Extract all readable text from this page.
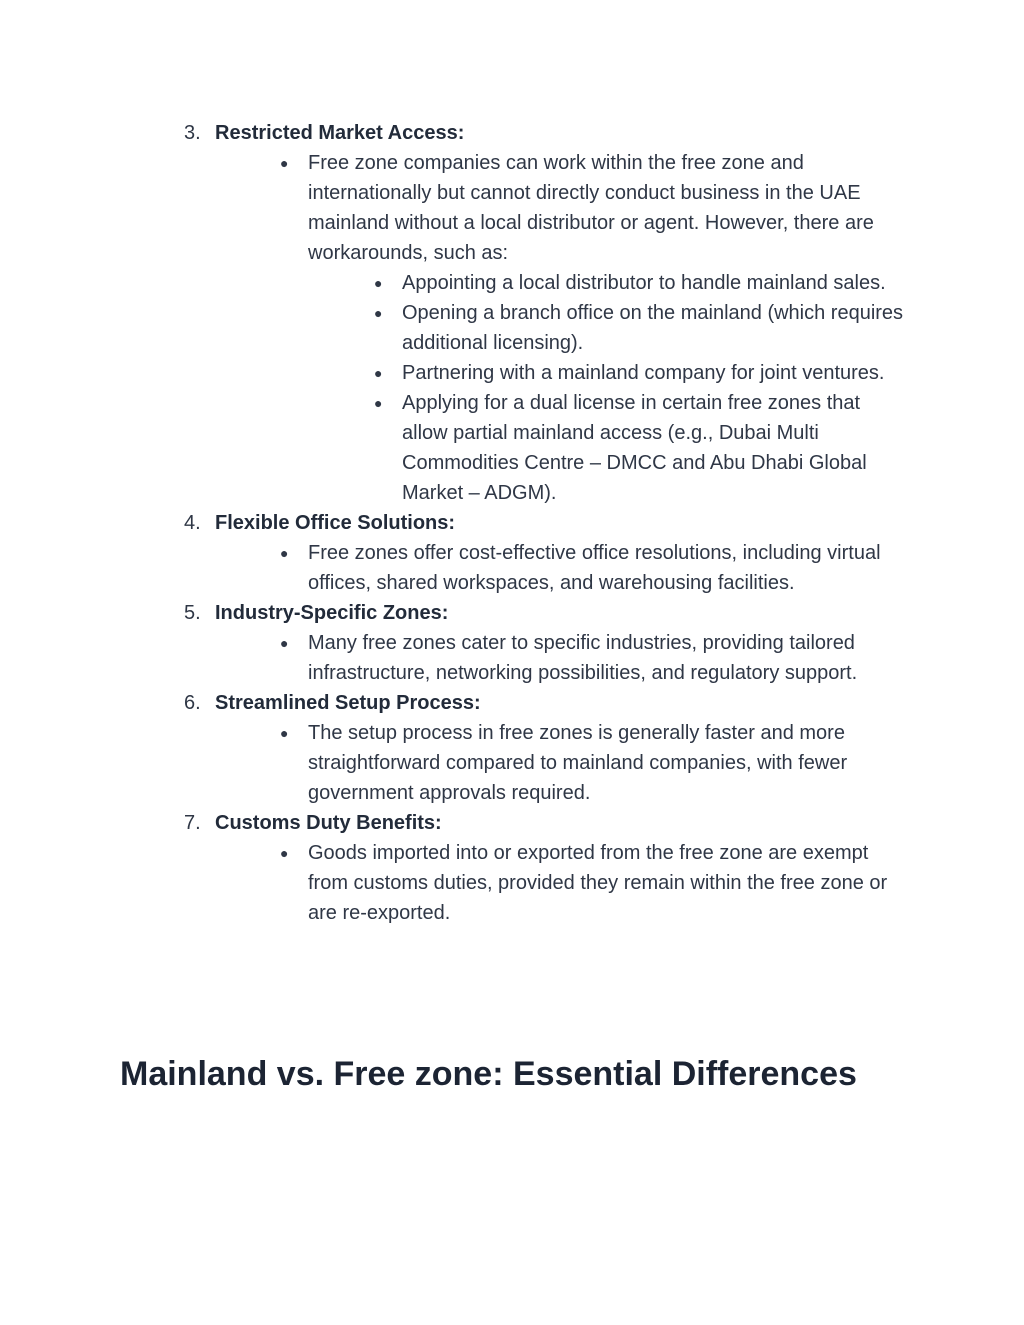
3. Restricted Market Access:
● Free zone companies can work within the free zone and internationally but cannot directly conduct business in the UAE mainland without a local distributor or agent. However, there are workarounds, such as:
● Appointing a local distributor to handle mainland sales.
● Opening a branch office on the mainland (which requires additional licensing).
● Partnering with a mainland company for joint ventures.
● Applying for a dual license in certain free zones that allow partial mainland access (e.g., Dubai Multi Commodities Centre – DMCC and Abu Dhabi Global Market – ADGM).
4. Flexible Office Solutions:
● Free zones offer cost-effective office resolutions, including virtual offices, shared workspaces, and warehousing facilities.
5. Industry-Specific Zones:
● Many free zones cater to specific industries, providing tailored infrastructure, networking possibilities, and regulatory support.
6. Streamlined Setup Process:
● The setup process in free zones is generally faster and more straightforward compared to mainland companies, with fewer government approvals required.
7. Customs Duty Benefits:
● Goods imported into or exported from the free zone are exempt from customs duties, provided they remain within the free zone or are re-exported.
Mainland vs. Free zone: Essential Differences
